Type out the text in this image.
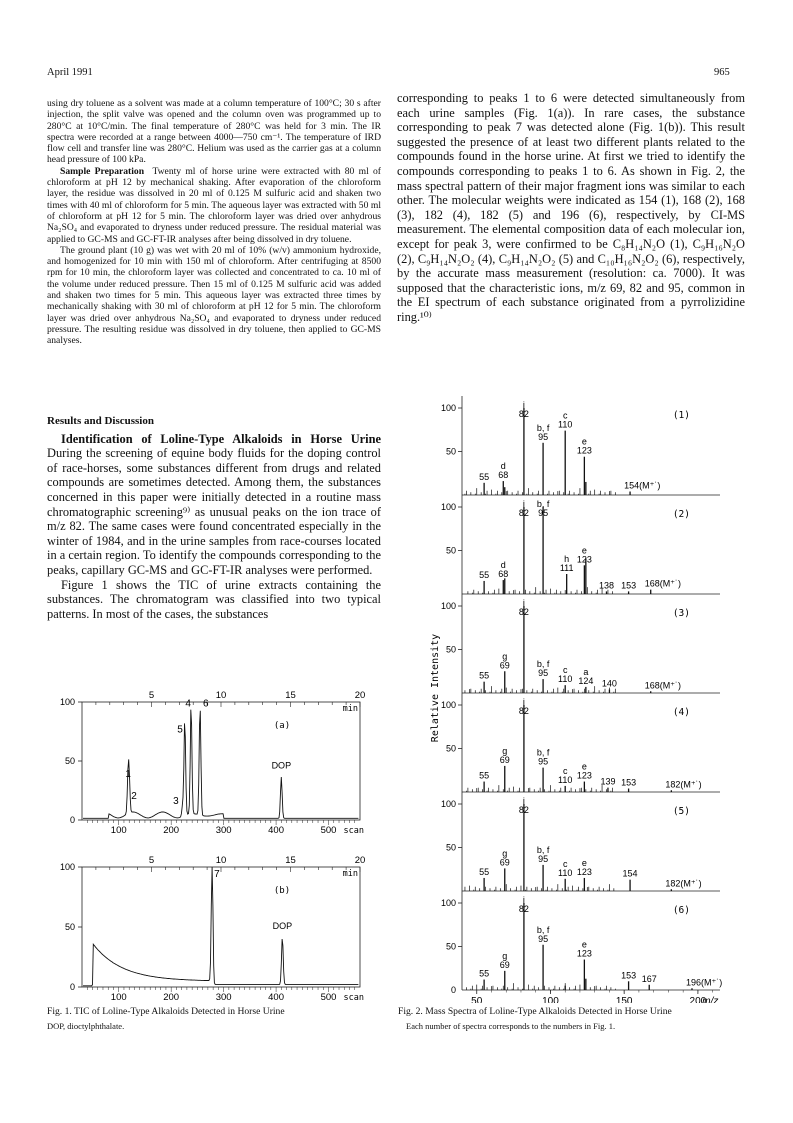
April 1991	965

using dry toluene as a solvent was made at a column temperature of 100°C; 30 s after injection, the split valve was opened and the column oven was programmed up to 280°C at 10°C/min. The final temperature of 280°C was held for 3 min. The IR spectra were recorded at a range between 4000—750 cm⁻¹. The temperature of IRD flow cell and transfer line was 280°C. Helium was used as the carrier gas at a column head pressure of 100 kPa.

Sample Preparation Twenty ml of horse urine were extracted with 80 ml of chloroform at pH 12 by mechanical shaking. After evaporation of the chloroform layer, the residue was dissolved in 20 ml of 0.125 M sulfuric acid and shaken two times with 40 ml of chloroform for 5 min. The aqueous layer was extracted with 50 ml of chloroform at pH 12 for 5 min. The chloroform layer was dried over anhydrous Na₂SO₄ and evaporated to dryness under reduced pressure. The residual material was applied to GC-MS and GC-FT-IR analyses after being dissolved in dry toluene.

The ground plant (10 g) was wet with 20 ml of 10% (w/v) ammonium hydroxide, and homogenized for 10 min with 150 ml of chloroform. After centrifuging at 8500 rpm for 10 min, the chloroform layer was collected and concentrated to ca. 10 ml of the volume under reduced pressure. Then 15 ml of 0.125 M sulfuric acid was added and shaken two times for 5 min. This aqueous layer was extracted three times by mechanically shaking with 30 ml of chloroform at pH 12 for 5 min. The chloroform layer was dried over anhydrous Na₂SO₄ and evaporated to dryness under reduced pressure. The resulting residue was dissolved in dry toluene, then applied to GC-MS analyses.

Results and Discussion

Identification of Loline-Type Alkaloids in Horse Urine During the screening of equine body fluids for the doping control of race-horses, some substances different from drugs and related compounds are sometimes detected. Among them, the substances concerned in this paper were initially detected in a routine mass chromatographic screening⁹⁾ as unusual peaks on the ion trace of m/z 82. The same cases were found concentrated especially in the winter of 1984, and in the urine samples from race-courses located in a certain region. To identify the compounds corresponding to the peaks, capillary GC-MS and GC-FT-IR analyses were performed.

Figure 1 shows the TIC of urine extracts containing the substances. The chromatogram was classified into two typical patterns. In most of the cases, the substances

corresponding to peaks 1 to 6 were detected simultaneously from each urine samples (Fig. 1(a)). In rare cases, the substance corresponding to peak 7 was detected alone (Fig. 1(b)). This result suggested the presence of at least two different plants related to the compounds found in the horse urine. At first we tried to identify the compounds corresponding to peaks 1 to 6. As shown in Fig. 2, the mass spectral pattern of their major fragment ions was similar to each other. The molecular weights were indicated as 154 (1), 168 (2), 168 (3), 182 (4), 182 (5) and 196 (6), respectively, by CI-MS measurement. The elemental composition data of each molecular ion, except for peak 3, were confirmed to be C₈H₁₄N₂O (1), C₉H₁₆N₂O (2), C₉H₁₄N₂O₂ (4), C₉H₁₄N₂O₂ (5) and C₁₀H₁₆N₂O₂ (6), respectively, by the accurate mass measurement (resolution: ca. 7000). It was supposed that the characteristic ions, m/z 69, 82 and 95, common in the EI spectrum of each substance originated from a pyrrolizidine ring.¹⁰⁾

100
50
0
5	10	15	20
min
(a)
100	200	300	400	500 scan
1
2	3
4
5
6
DOP
100
50
0
5	10	15	20
min
(b)
100	200	300	400	500 scan
7
DOP
Fig. 1. TIC of Loline-Type Alkaloids Detected in Horse Urine
DOP, dioctylphthalate.
Relative Intensity
100
50
(1)
55 68
d
82
i
95
b, f 110
c
123
e
154(M⁺˙)
100
50
(2)
55 68
d
82
i
95
b, f
111
h 123
e
138 153 168(M⁺˙)
100
50
(3)
55
69
g
82
i
95
b, f
110
c
124
a
140	168(M⁺˙)
100
50
(4)
55
69
g
82
i
95
b, f
110
c 123
e
139 153	182(M⁺˙)
100
50
(5)
55
69
g
82
i
95
b, f
110
c
123
e
154
182(M⁺˙)
100
50
(6)
55
69
g
82
i
95
b, f
123
e
153 167	196(M⁺˙)
0
50	100	150	200
m/z
Fig. 2. Mass Spectra of Loline-Type Alkaloids Detected in Horse Urine
Each number of spectra corresponds to the numbers in Fig. 1.
